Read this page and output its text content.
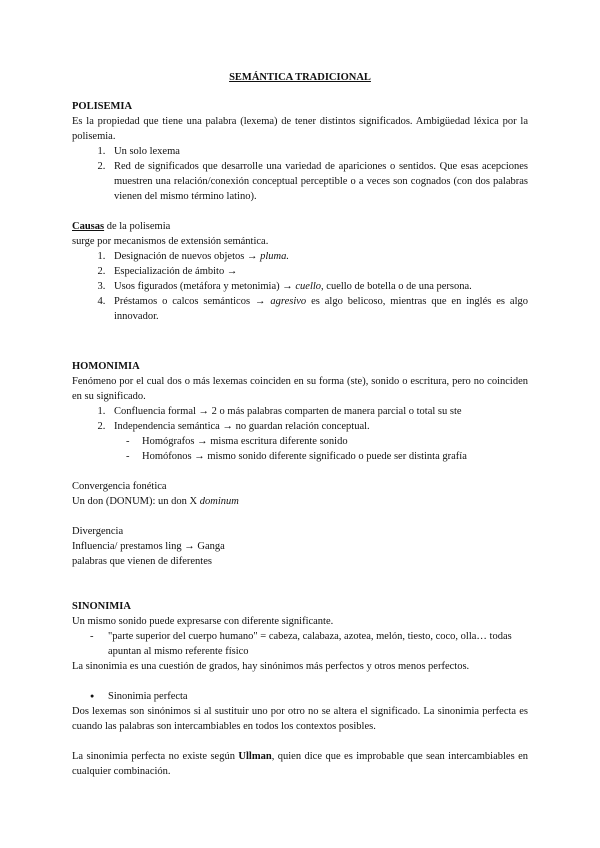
SEMÁNTICA TRADICIONAL

POLISEMIA

Es la propiedad que tiene una palabra (lexema) de tener distintos significados. Ambigüedad léxica por la polisemia.

1. Un solo lexema
2. Red de significados que desarrolle una variedad de apariciones o sentidos. Que esas acepciones muestren una relación/conexión conceptual perceptible o a veces son cognados (con dos palabras vienen del mismo término latino).

Causas de la polisemia

surge por mecanismos de extensión semántica.

1. Designación de nuevos objetos → pluma.
2. Especialización de ámbito →
3. Usos figurados (metáfora y metonimia) → cuello, cuello de botella o de una persona.
4. Préstamos o calcos semánticos → agresivo es algo belicoso, mientras que en inglés es algo innovador.

HOMONIMIA

Fenómeno por el cual dos o más lexemas coinciden en su forma (ste), sonido o escritura, pero no coinciden en su significado.

1. Confluencia formal → 2 o más palabras comparten de manera parcial o total su ste
2. Independencia semántica → no guardan relación conceptual.
- Homógrafos → misma escritura diferente sonido
- Homófonos → mismo sonido diferente significado o puede ser distinta grafía

Convergencia fonética

Un don (DONUM): un don X dominum

Divergencia

Influencia/ prestamos ling → Ganga

palabras que vienen de diferentes

SINONIMIA

Un mismo sonido puede expresarse con diferente significante.

- "parte superior del cuerpo humano" = cabeza, calabaza, azotea, melón, tiesto, coco, olla… todas apuntan al mismo referente físico

La sinonimia es una cuestión de grados, hay sinónimos más perfectos y otros menos perfectos.

● Sinonimia perfecta

Dos lexemas son sinónimos si al sustituir uno por otro no se altera el significado. La sinonimia perfecta es cuando las palabras son intercambiables en todos los contextos posibles.

La sinonimia perfecta no existe según Ullman, quien dice que es improbable que sean intercambiables en cualquier combinación.
